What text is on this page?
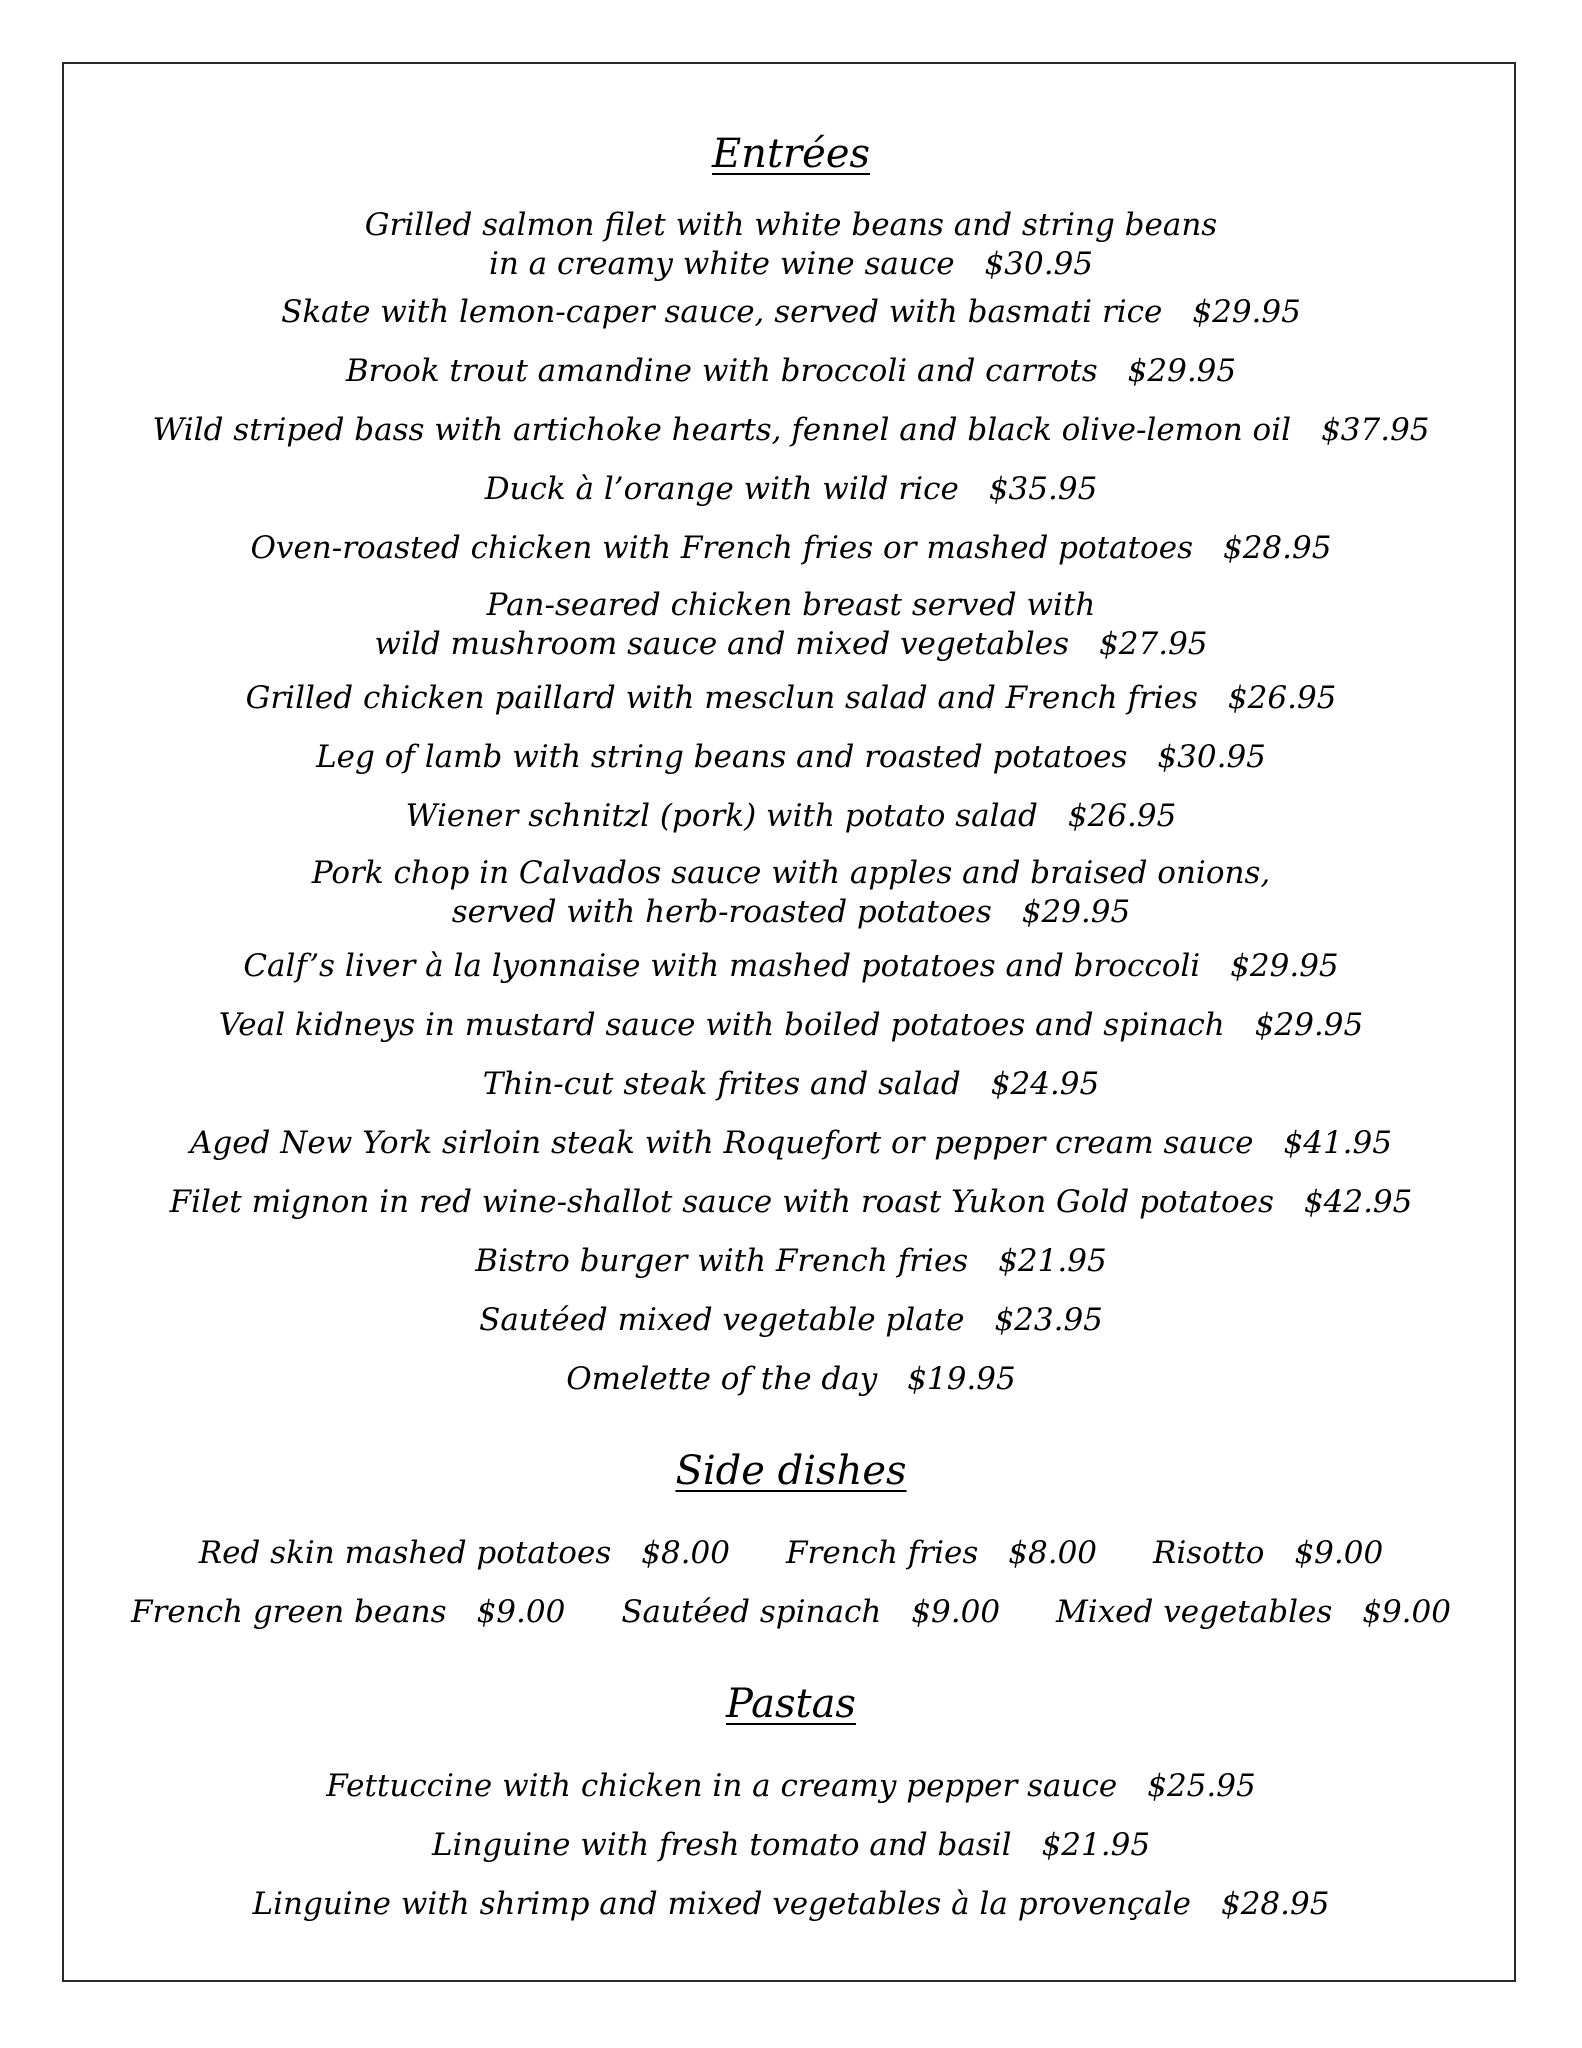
Entrées
Grilled salmon filet with white beans and string beans
in a creamy white wine sauce $30.95
Skate with lemon-caper sauce, served with basmati rice $29.95
Brook trout amandine with broccoli and carrots $29.95
Wild striped bass with artichoke hearts, fennel and black olive-lemon oil $37.95
Duck à l’orange with wild rice $35.95
Oven-roasted chicken with French fries or mashed potatoes $28.95
Pan-seared chicken breast served with
wild mushroom sauce and mixed vegetables $27.95
Grilled chicken paillard with mesclun salad and French fries $26.95
Leg of lamb with string beans and roasted potatoes $30.95
Wiener schnitzl (pork) with potato salad $26.95
Pork chop in Calvados sauce with apples and braised onions,
served with herb-roasted potatoes $29.95
Calf’s liver à la lyonnaise with mashed potatoes and broccoli $29.95
Veal kidneys in mustard sauce with boiled potatoes and spinach $29.95
Thin-cut steak frites and salad $24.95
Aged New York sirloin steak with Roquefort or pepper cream sauce $41.95
Filet mignon in red wine-shallot sauce with roast Yukon Gold potatoes $42.95
Bistro burger with French fries $21.95
Sautéed mixed vegetable plate $23.95
Omelette of the day $19.95
Side dishes
Red skin mashed potatoes $8.00 French fries $8.00 Risotto $9.00
French green beans $9.00 Sautéed spinach $9.00 Mixed vegetables $9.00
Pastas
Fettuccine with chicken in a creamy pepper sauce $25.95
Linguine with fresh tomato and basil $21.95
Linguine with shrimp and mixed vegetables à la provençale $28.95
